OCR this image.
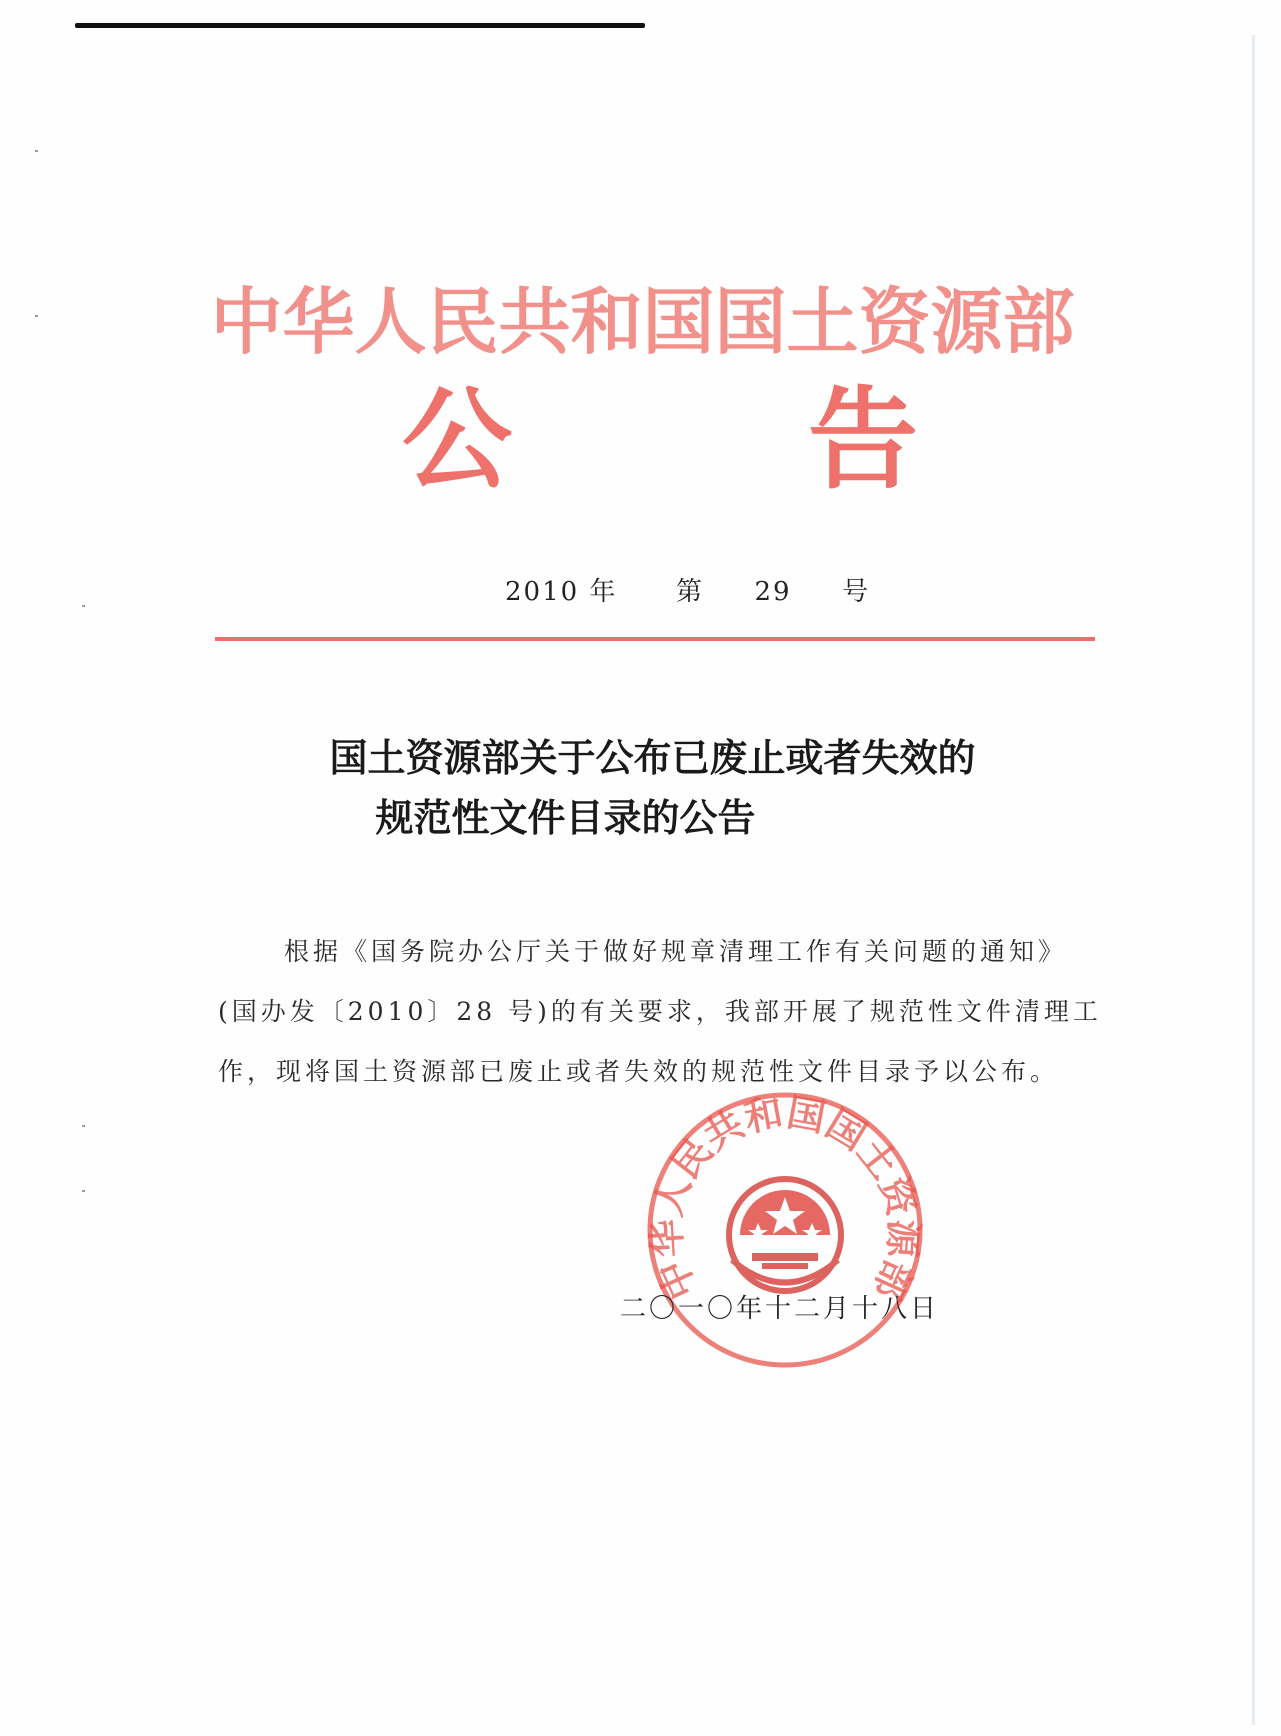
中华人民共和国国土资源部
公	告
2010 年 第 29 号
国土资源部关于公布已废止或者失效的
规范性文件目录的公告
根据《国务院办公厅关于做好规章清理工作有关问题的通知》
(国办发〔2010〕28 号)的有关要求，我部开展了规范性文件清理工
作，现将国土资源部已废止或者失效的规范性文件目录予以公布。
中华人民共和国国土资源部
二〇一〇年十二月十八日
